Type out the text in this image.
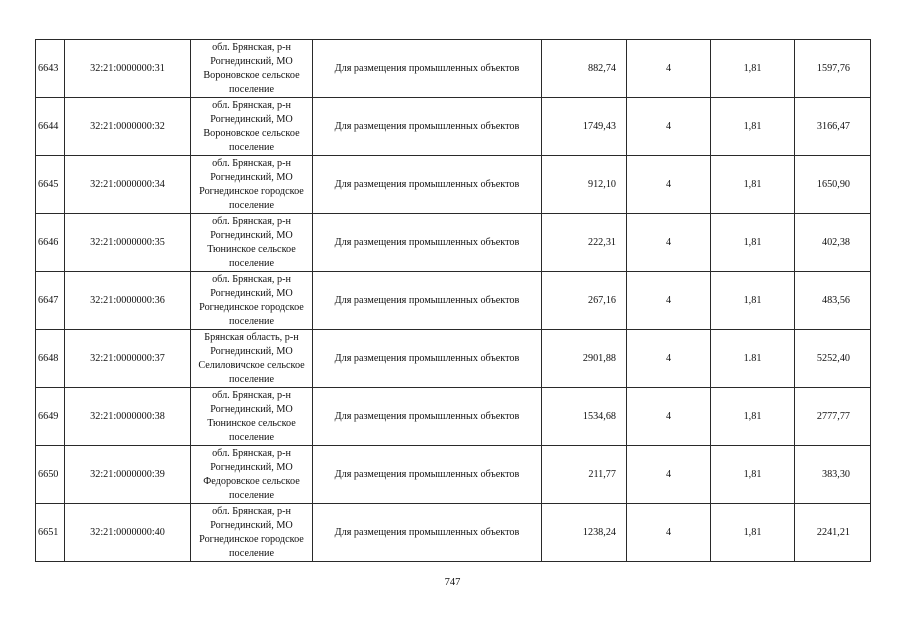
6643	32:21:0000000:31	обл. Брянская, р-н
Рогнединский, МО
Вороновское сельское
поселение	Для размещения промышленных объектов	882,74	4	1,81	1597,76
6644	32:21:0000000:32	обл. Брянская, р-н
Рогнединский, МО
Вороновское сельское
поселение	Для размещения промышленных объектов	1749,43	4	1,81	3166,47
6645	32:21:0000000:34	обл. Брянская, р-н
Рогнединский, МО
Рогнединское городское
поселение	Для размещения промышленных объектов	912,10	4	1,81	1650,90
6646	32:21:0000000:35	обл. Брянская, р-н
Рогнединский, МО
Тюнинское сельское
поселение	Для размещения промышленных объектов	222,31	4	1,81	402,38
6647	32:21:0000000:36	обл. Брянская, р-н
Рогнединский, МО
Рогнединское городское
поселение	Для размещения промышленных объектов	267,16	4	1,81	483,56
6648	32:21:0000000:37	Брянская область, р-н
Рогнединский, МО
Селиловичское сельское
поселение	Для размещения промышленных объектов	2901,88	4	1.81	5252,40
6649	32:21:0000000:38	обл. Брянская, р-н
Рогнединский, МО
Тюнинское сельское
поселение	Для размещения промышленных объектов	1534,68	4	1,81	2777,77
6650	32:21:0000000:39	обл. Брянская, р-н
Рогнединский, МО
Федоровское сельское
поселение	Для размещения промышленных объектов	211,77	4	1,81	383,30
6651	32:21:0000000:40	обл. Брянская, р-н
Рогнединский, МО
Рогнединское городское
поселение	Для размещения промышленных объектов	1238,24	4	1,81	2241,21
747
